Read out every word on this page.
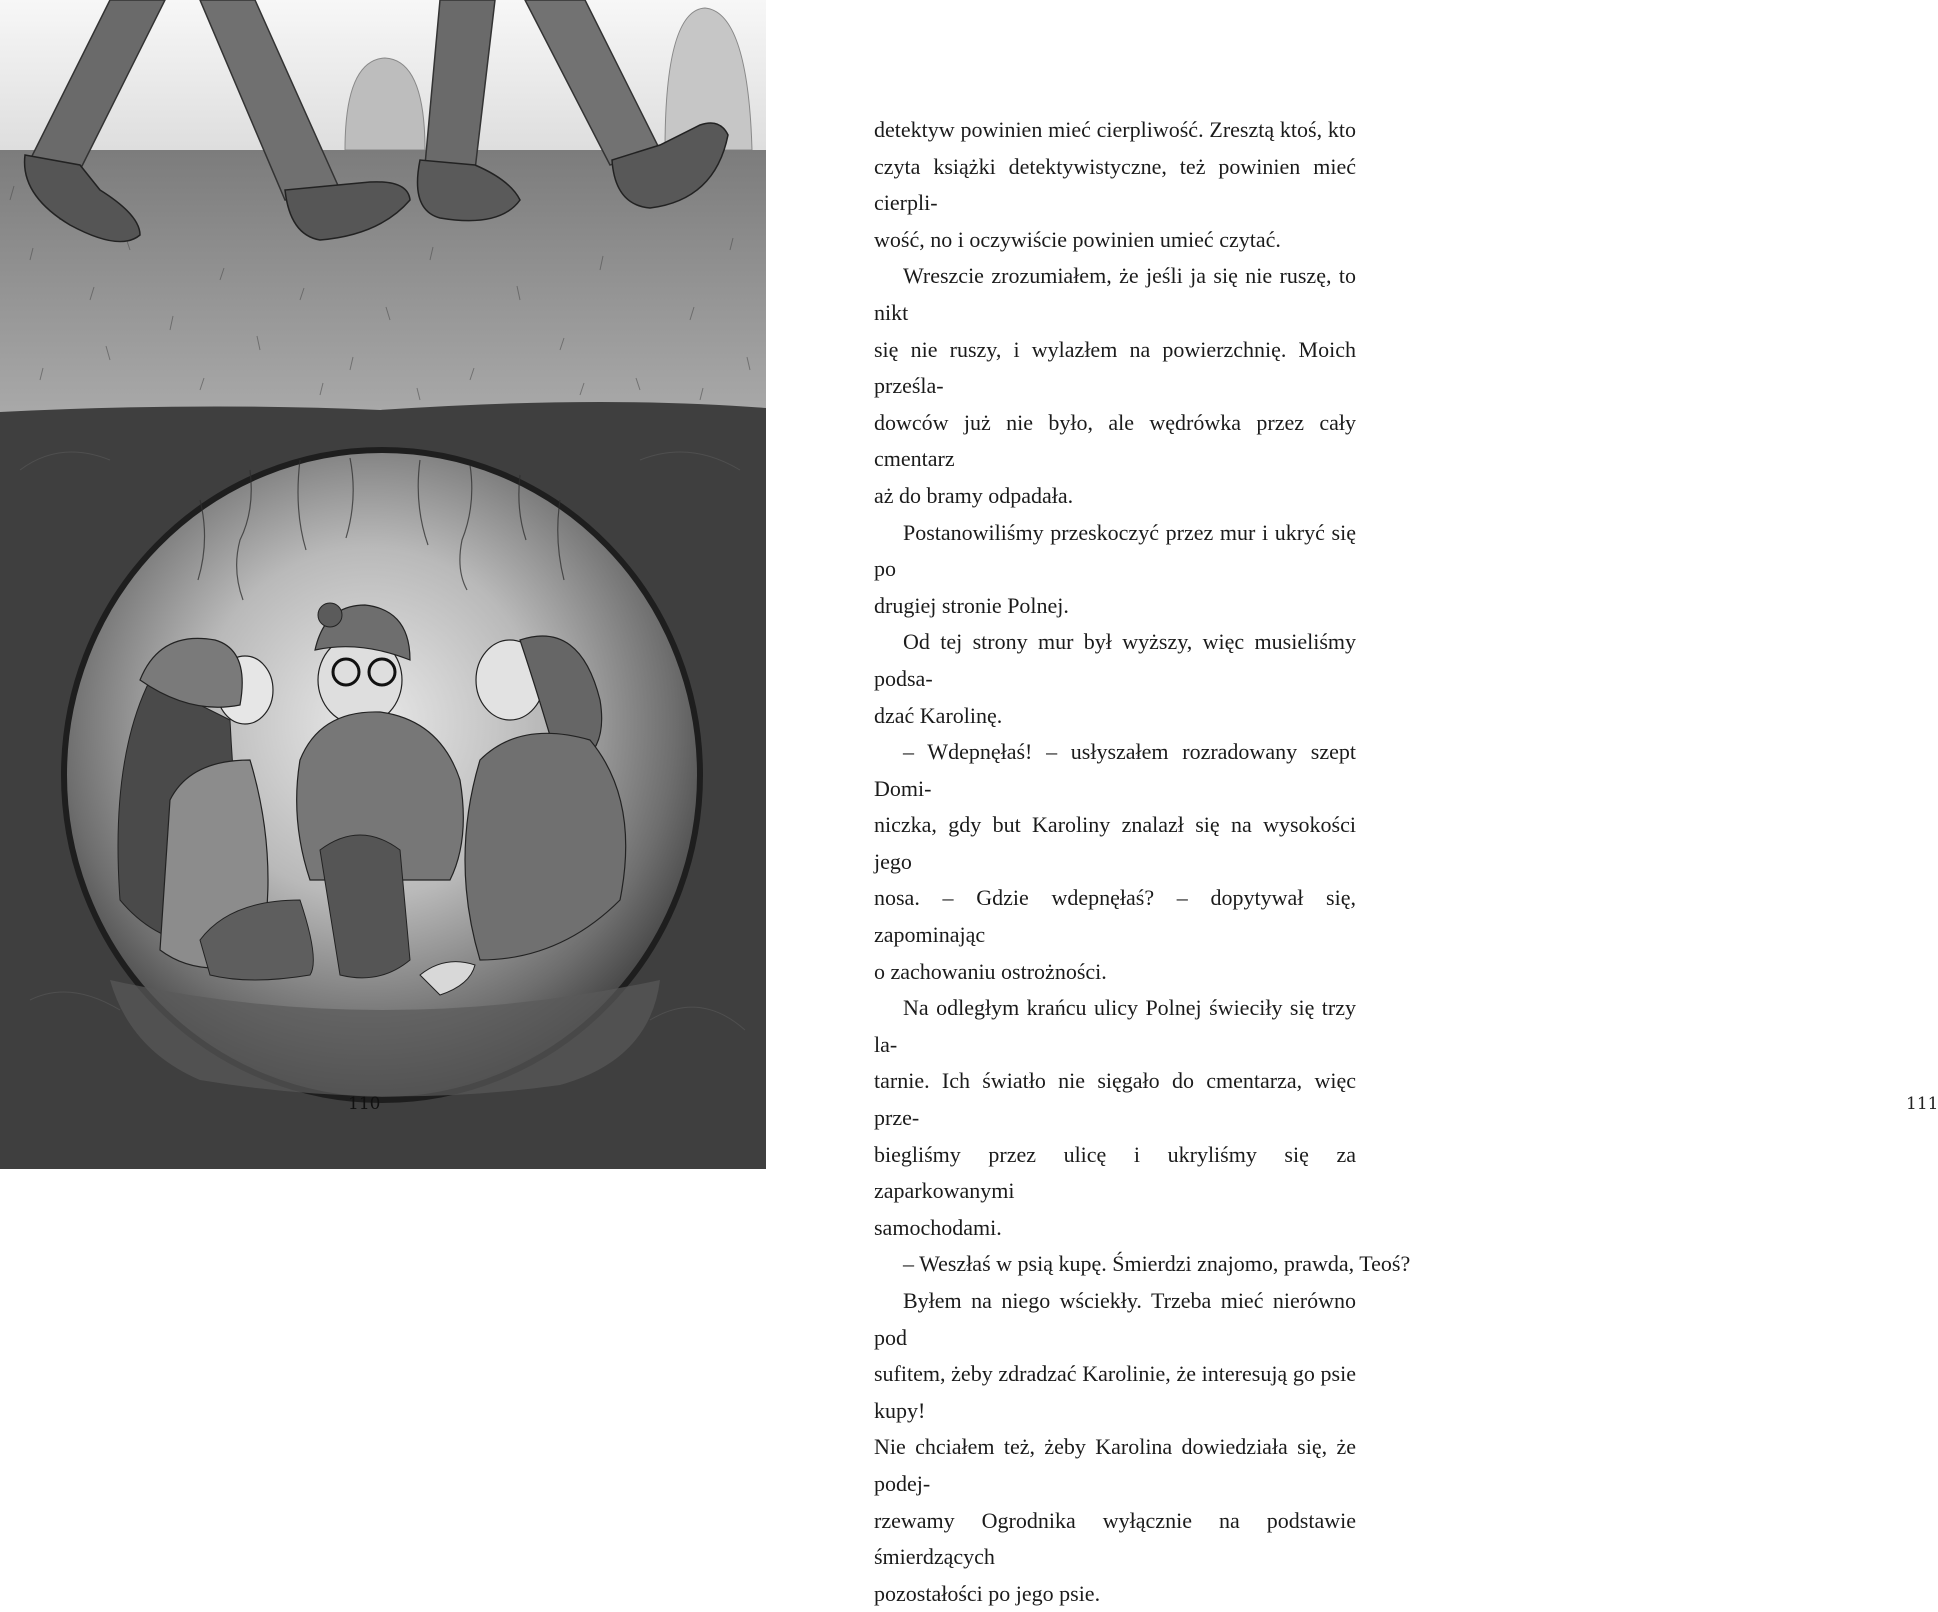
110
detektyw powinien mieć cierpliwość. Zresztą ktoś, kto
czyta książki detektywistyczne, też powinien mieć cierpli-
wość, no i oczywiście powinien umieć czytać.
Wreszcie zrozumiałem, że jeśli ja się nie ruszę, to nikt
się nie ruszy, i wylazłem na powierzchnię. Moich prześla-
dowców już nie było, ale wędrówka przez cały cmentarz
aż do bramy odpadała.
Postanowiliśmy przeskoczyć przez mur i ukryć się po
drugiej stronie Polnej.
Od tej strony mur był wyższy, więc musieliśmy podsa-
dzać Karolinę.
– Wdepnęłaś! – usłyszałem rozradowany szept Domi-
niczka, gdy but Karoliny znalazł się na wysokości jego
nosa. – Gdzie wdepnęłaś? – dopytywał się, zapominając
o zachowaniu ostrożności.
Na odległym krańcu ulicy Polnej świeciły się trzy la-
tarnie. Ich światło nie sięgało do cmentarza, więc prze-
biegliśmy przez ulicę i ukryliśmy się za zaparkowanymi
samochodami.
– Weszłaś w psią kupę. Śmierdzi znajomo, prawda, Teoś?
Byłem na niego wściekły. Trzeba mieć nierówno pod
sufitem, żeby zdradzać Karolinie, że interesują go psie kupy!
Nie chciałem też, żeby Karolina dowiedziała się, że podej-
rzewamy Ogrodnika wyłącznie na podstawie śmierdzących
pozostałości po jego psie.
111
